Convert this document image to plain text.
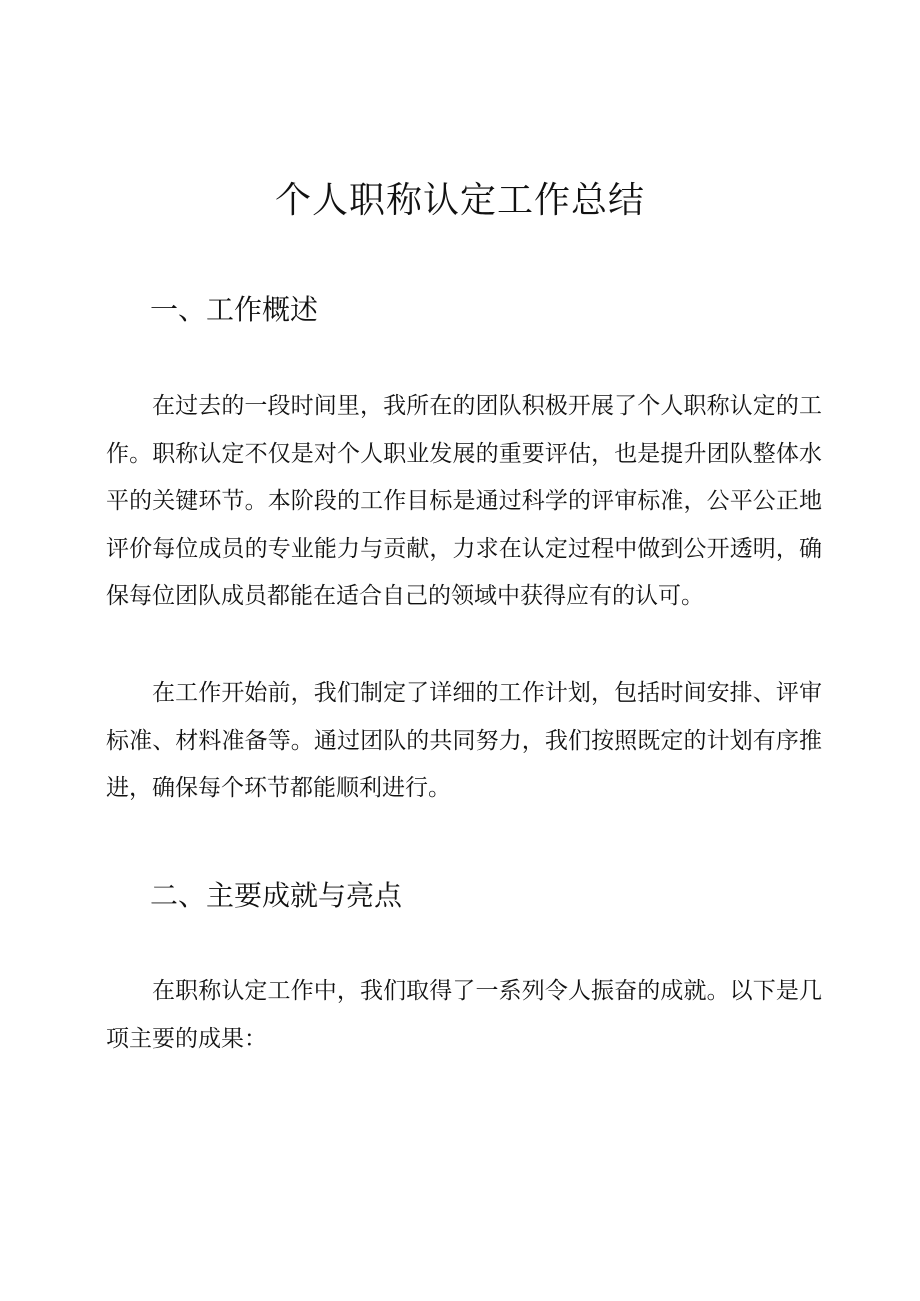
个人职称认定工作总结
一、工作概述

在过去的一段时间里，我所在的团队积极开展了个人职称认定的工作。职称认定不仅是对个人职业发展的重要评估，也是提升团队整体水平的关键环节。本阶段的工作目标是通过科学的评审标准，公平公正地评价每位成员的专业能力与贡献，力求在认定过程中做到公开透明，确保每位团队成员都能在适合自己的领域中获得应有的认可。

在工作开始前，我们制定了详细的工作计划，包括时间安排、评审标准、材料准备等。通过团队的共同努力，我们按照既定的计划有序推进，确保每个环节都能顺利进行。

二、主要成就与亮点

在职称认定工作中，我们取得了一系列令人振奋的成就。以下是几项主要的成果：
